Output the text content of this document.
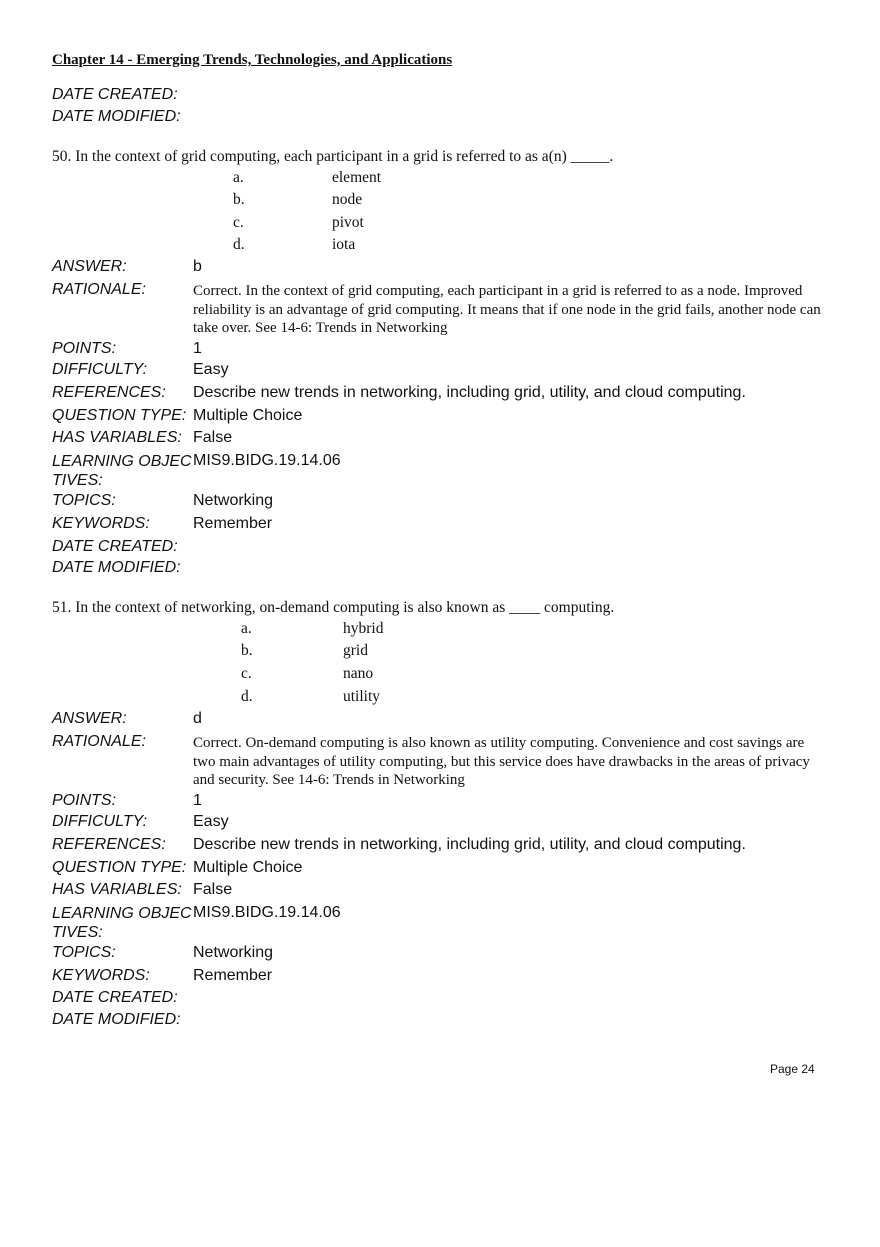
Chapter 14 - Emerging Trends, Technologies, and Applications
DATE CREATED:
DATE MODIFIED:
50. In the context of grid computing, each participant in a grid is referred to as a(n) _____.
a.	element
b.	node
c.	pivot
d.	iota
ANSWER:	b
RATIONALE:	Correct. In the context of grid computing, each participant in a grid is referred to as a node. Improved reliability is an advantage of grid computing. It means that if one node in the grid fails, another node can take over. See 14-6: Trends in Networking
POINTS:	1
DIFFICULTY:	Easy
REFERENCES: Describe new trends in networking, including grid, utility, and cloud computing.
QUESTION TYPE: Multiple Choice
HAS VARIABLES: False
LEARNING OBJECTIVES:
MIS9.BIDG.19.14.06
TOPICS:	Networking
KEYWORDS:	Remember
DATE CREATED:
DATE MODIFIED:
51. In the context of networking, on-demand computing is also known as ____ computing.
a.	hybrid
b.	grid
c.	nano
d.	utility
ANSWER:	d
RATIONALE:	Correct. On-demand computing is also known as utility computing. Convenience and cost savings are two main advantages of utility computing, but this service does have drawbacks in the areas of privacy and security. See 14-6: Trends in Networking
POINTS:	1
DIFFICULTY:	Easy
REFERENCES: Describe new trends in networking, including grid, utility, and cloud computing.
QUESTION TYPE: Multiple Choice
HAS VARIABLES: False
LEARNING OBJECTIVES:
MIS9.BIDG.19.14.06
TOPICS:	Networking
KEYWORDS:	Remember
DATE CREATED:
DATE MODIFIED:
Page 24
